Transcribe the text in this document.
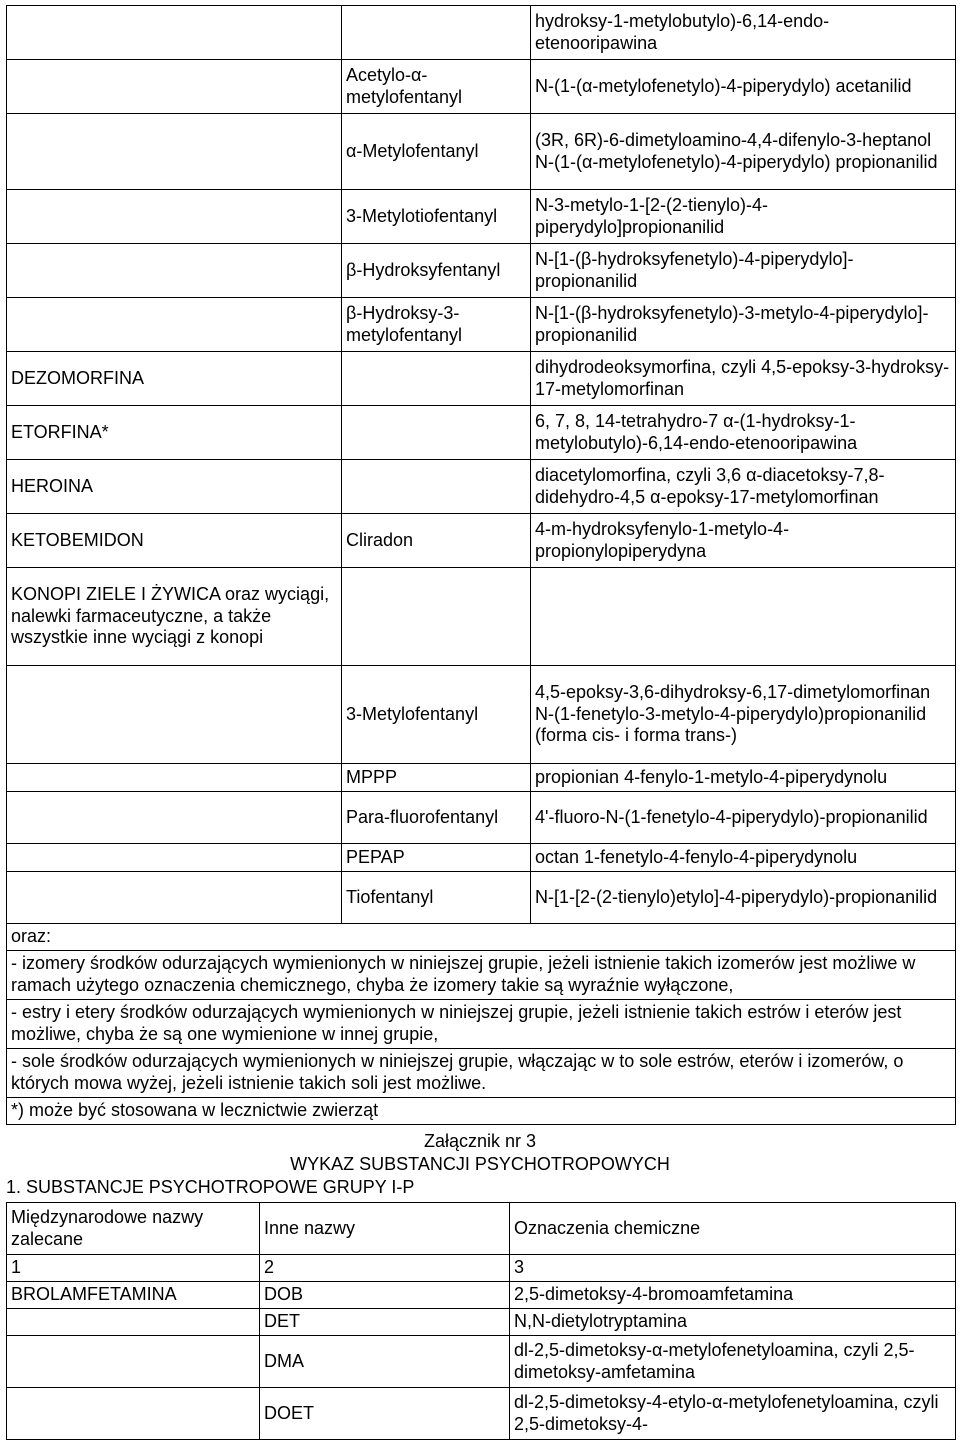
		hydroksy-1-metylobutylo)-6,14-endo-etenooripawina
	Acetylo-α-metylofentanyl	N-(1-(α-metylofenetylo)-4-piperydylo) acetanilid
	α-Metylofentanyl	(3R, 6R)-6-dimetyloamino-4,4-difenylo-3-heptanol N-(1-(α-metylofenetylo)-4-piperydylo) propionanilid
	3-Metylotiofentanyl	N-3-metylo-1-[2-(2-tienylo)-4-piperydylo]propionanilid
	β-Hydroksyfentanyl	N-[1-(β-hydroksyfenetylo)-4-piperydylo]-propionanilid
	β-Hydroksy-3-metylofentanyl	N-[1-(β-hydroksyfenetylo)-3-metylo-4-piperydylo]-propionanilid
DEZOMORFINA		dihydrodeoksymorfina, czyli 4,5-epoksy-3-hydroksy-17-metylomorfinan
ETORFINA*		6, 7, 8, 14-tetrahydro-7 α-(1-hydroksy-1-metylobutylo)-6,14-endo-etenooripawina
HEROINA		diacetylomorfina, czyli 3,6 α-diacetoksy-7,8-didehydro-4,5 α-epoksy-17-metylomorfinan
KETOBEMIDON	Cliradon	4-m-hydroksyfenylo-1-metylo-4-propionylopiperydyna
KONOPI ZIELE I ŻYWICA oraz wyciągi, nalewki farmaceutyczne, a także wszystkie inne wyciągi z konopi		
	3-Metylofentanyl	4,5-epoksy-3,6-dihydroksy-6,17-dimetylomorfinan N-(1-fenetylo-3-metylo-4-piperydylo)propionanilid (forma cis- i forma trans-)
	MPPP	propionian 4-fenylo-1-metylo-4-piperydynolu
	Para-fluorofentanyl	4'-fluoro-N-(1-fenetylo-4-piperydylo)-propionanilid
	PEPAP	octan 1-fenetylo-4-fenylo-4-piperydynolu
	Tiofentanyl	N-[1-[2-(2-tienylo)etylo]-4-piperydylo)-propionanilid
oraz:		
- izomery środków odurzających wymienionych w niniejszej grupie, jeżeli istnienie takich izomerów jest możliwe w ramach użytego oznaczenia chemicznego, chyba że izomery takie są wyraźnie wyłączone,		
- estry i etery środków odurzających wymienionych w niniejszej grupie, jeżeli istnienie takich estrów i eterów jest możliwe, chyba że są one wymienione w innej grupie,		
- sole środków odurzających wymienionych w niniejszej grupie, włączając w to sole estrów, eterów i izomerów, o których mowa wyżej, jeżeli istnienie takich soli jest możliwe.		
*) może być stosowana w lecznictwie zwierząt		
Załącznik nr 3
WYKAZ SUBSTANCJI PSYCHOTROPOWYCH
1. SUBSTANCJE PSYCHOTROPOWE GRUPY I-P
Międzynarodowe nazwy zalecane	Inne nazwy	Oznaczenia chemiczne
1	2	3
BROLAMFETAMINA	DOB	2,5-dimetoksy-4-bromoamfetamina
	DET	N,N-dietylotryptamina
	DMA	dl-2,5-dimetoksy-α-metylofenetyloamina, czyli 2,5-dimetoksy-amfetamina
	DOET	dl-2,5-dimetoksy-4-etylo-α-metylofenetyloamina, czyli 2,5-dimetoksy-4-
